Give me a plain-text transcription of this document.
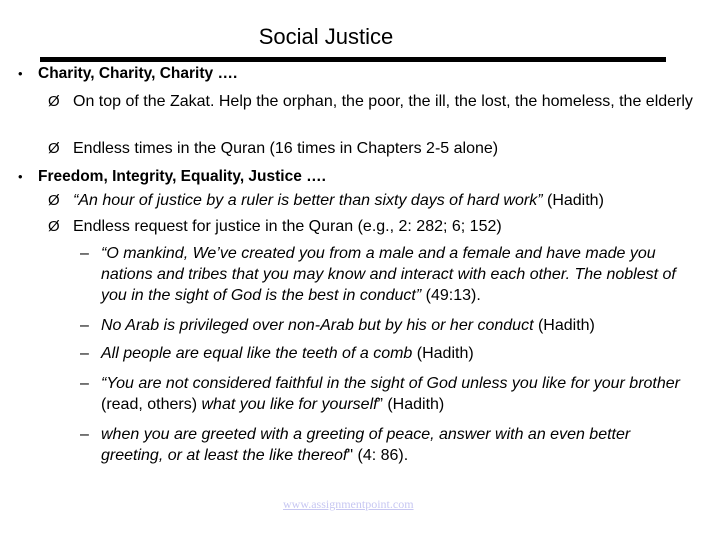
Social Justice
• Charity, Charity, Charity ….
Ø On top of the Zakat. Help the orphan, the poor, the ill, the lost, the homeless, the elderly
Ø Endless times in the Quran (16 times in Chapters 2-5 alone)
• Freedom, Integrity, Equality, Justice ….
Ø “An hour of justice by a ruler is better than sixty days of hard work” (Hadith)
Ø Endless request for justice in the Quran (e.g., 2: 282; 6; 152)
– “O mankind, We’ve created you from a male and a female and have made you nations and tribes that you may know and interact with each other. The noblest of you in the sight of God is the best in conduct” (49:13).
– No Arab is privileged over non-Arab but by his or her conduct (Hadith)
– All people are equal like the teeth of a comb (Hadith)
– “You are not considered faithful in the sight of God unless you like for your brother (read, others) what you like for yourself” (Hadith)
– when you are greeted with a greeting of peace, answer with an even better greeting, or at least the like thereof" (4: 86).
www.assignmentpoint.com
